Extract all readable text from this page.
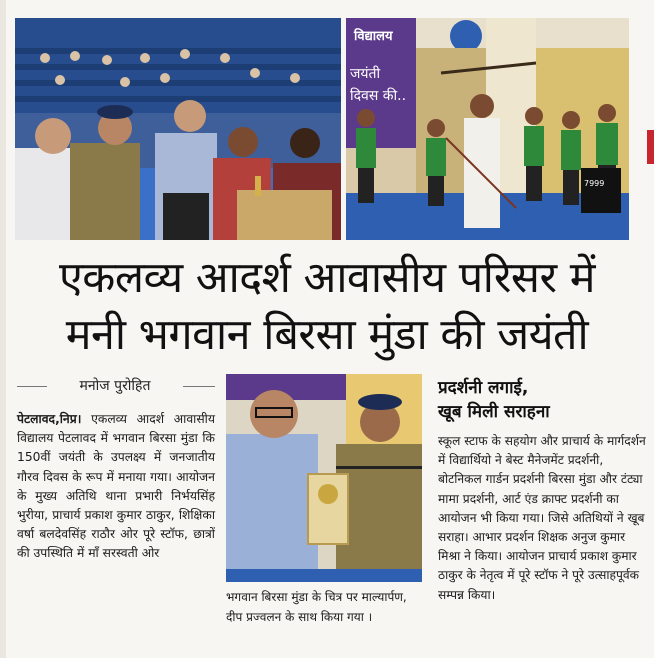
विद्यालय
जयंती
दिवस की..
7999
एकलव्य आदर्श आवासीय परिसर में
मनी भगवान बिरसा मुंडा की जयंती
मनोज पुरोहित
पेटलावद,निप्र। एकलव्य आदर्श आवासीय विद्यालय पेटलावद में भगवान बिरसा मुंडा कि 150वीं जयंती के उपलक्ष्य में जनजातीय गौरव दिवस के रूप में मनाया गया। आयोजन के मुख्य अतिथि थाना प्रभारी निर्भयसिंह भुरीया, प्राचार्य प्रकाश कुमार ठाकुर, शिक्षिका वर्षा बलदेवसिंह राठौर ओर पूरे स्टॉफ, छात्रों की उपस्थिति में माँ सरस्वती ओर
भगवान बिरसा मुंडा के चित्र पर माल्यार्पण, दीप प्रज्वलन के साथ किया गया ।
प्रदर्शनी लगाई,
खूब मिली सराहना
स्कूल स्टाफ के सहयोग और प्राचार्य के मार्गदर्शन में विद्यार्थियो ने बेस्ट मैनेजमेंट प्रदर्शनी, बोटनिकल गार्डन प्रदर्शनी बिरसा मुंडा और टंट्या मामा प्रदर्शनी, आर्ट एंड क्राफ्ट प्रदर्शनी का आयोजन भी किया गया। जिसे अतिथियों ने खूब सराहा। आभार प्रदर्शन शिक्षक अनुज कुमार मिश्रा ने किया। आयोजन प्राचार्य प्रकाश कुमार ठाकुर के नेतृत्व में पूरे स्टॉफ ने पूरे उत्साहपूर्वक सम्पन्न किया।
